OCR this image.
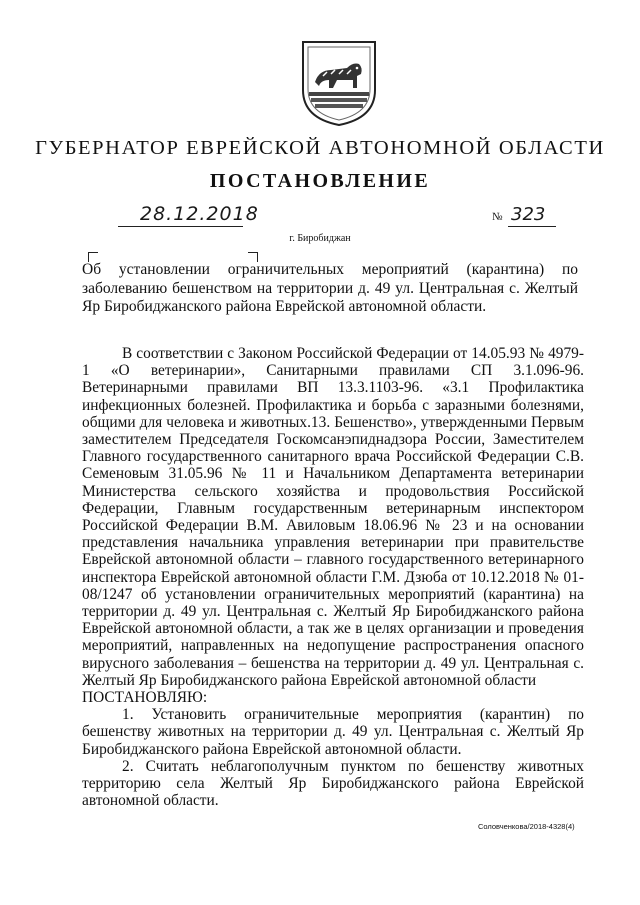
ГУБЕРНАТОР ЕВРЕЙСКОЙ АВТОНОМНОЙ ОБЛАСТИ
ПОСТАНОВЛЕНИЕ
28.12.2018	№ 323
г. Биробиджан
Об установлении ограничительных мероприятий (карантина) по заболеванию бешенством на территории д. 49 ул. Центральная с. Желтый Яр Биробиджанского района Еврейской автономной области.

В соответствии с Законом Российской Федерации от 14.05.93 № 4979-1 «О ветеринарии», Санитарными правилами СП 3.1.096-96. Ветеринарными правилами ВП 13.3.1103-96. «3.1 Профилактика инфекционных болезней. Профилактика и борьба с заразными болезнями, общими для человека и животных.13. Бешенство», утвержденными Первым заместителем Председателя Госкомсанэпиднадзора России, Заместителем Главного государственного санитарного врача Российской Федерации С.В. Семеновым 31.05.96 № 11 и Начальником Департамента ветеринарии Министерства сельского хозяйства и продовольствия Российской Федерации, Главным государственным ветеринарным инспектором Российской Федерации В.М. Авиловым 18.06.96 № 23 и на основании представления начальника управления ветеринарии при правительстве Еврейской автономной области – главного государственного ветеринарного инспектора Еврейской автономной области Г.М. Дзюба от 10.12.2018 № 01-08/1247 об установлении ограничительных мероприятий (карантина) на территории д. 49 ул. Центральная с. Желтый Яр Биробиджанского района Еврейской автономной области, а так же в целях организации и проведения мероприятий, направленных на недопущение распространения опасного вирусного заболевания – бешенства на территории д. 49 ул. Центральная с. Желтый Яр Биробиджанского района Еврейской автономной области

ПОСТАНОВЛЯЮ:

1. Установить ограничительные мероприятия (карантин) по бешенству животных на территории д. 49 ул. Центральная с. Желтый Яр Биробиджанского района Еврейской автономной области.

2. Считать неблагополучным пунктом по бешенству животных территорию села Желтый Яр Биробиджанского района Еврейской автономной области.

Соловченкова/2018-4328(4)
